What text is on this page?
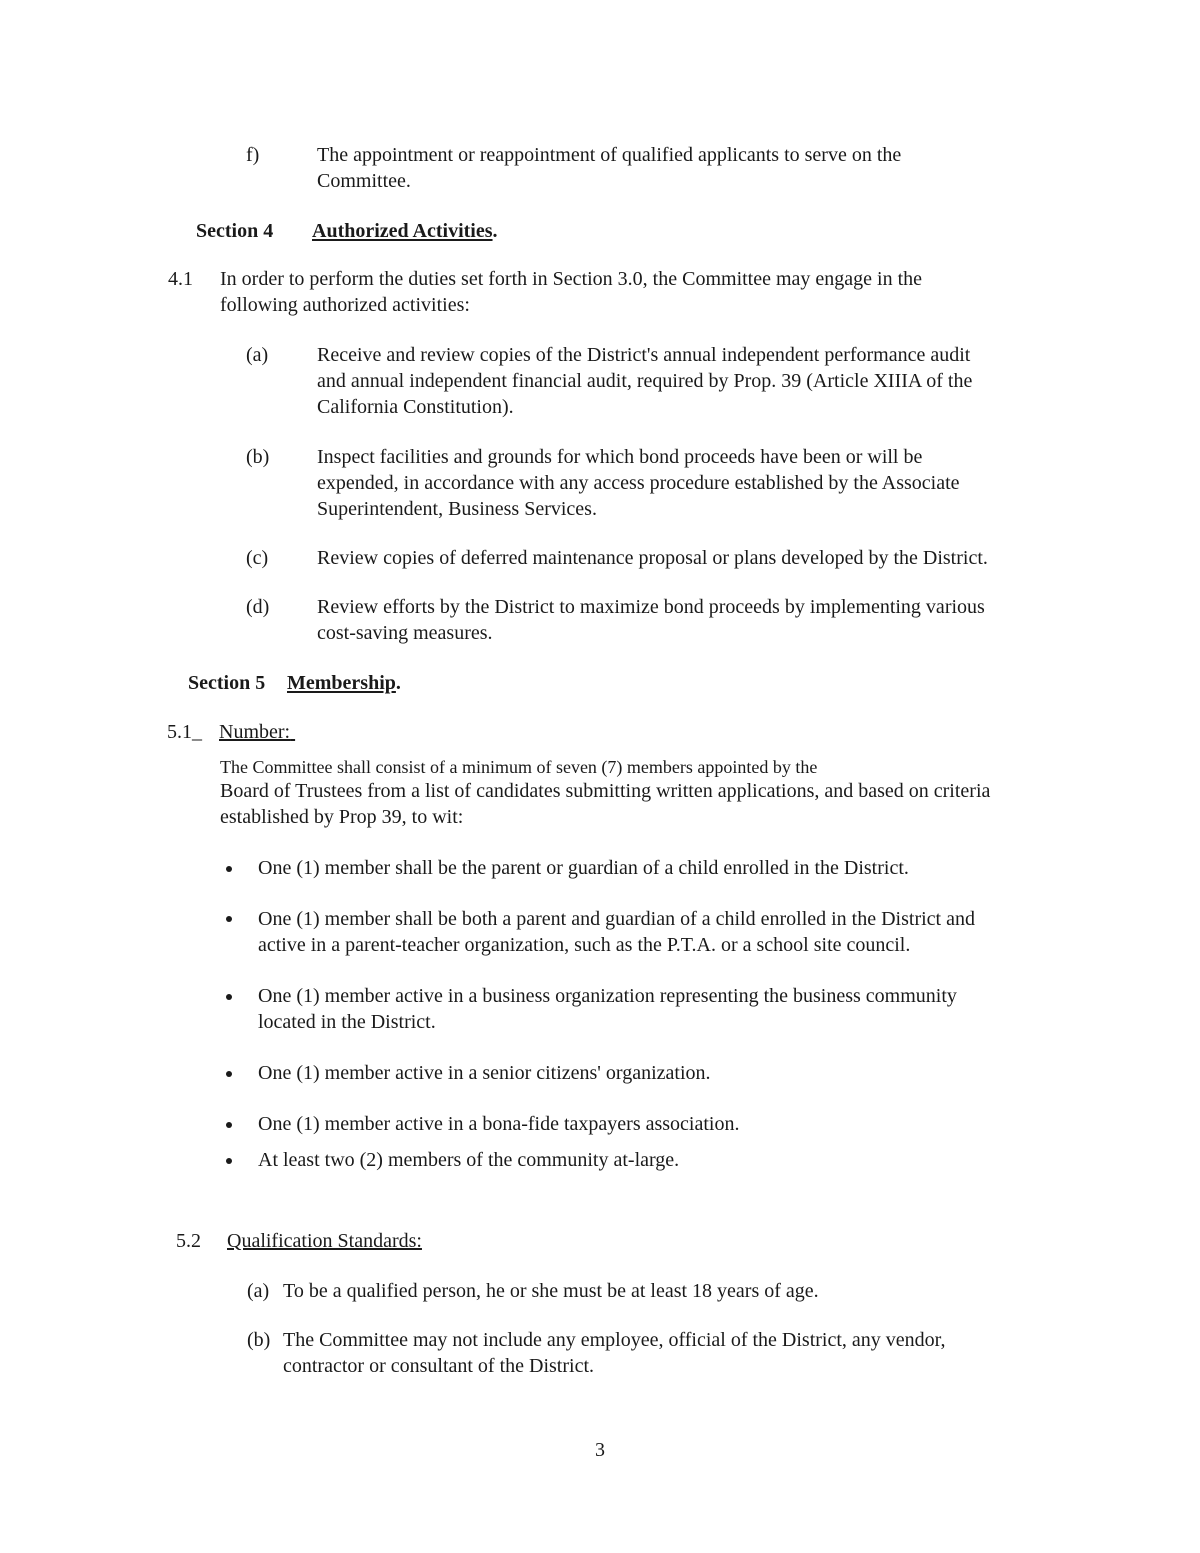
f)	The appointment or reappointment of qualified applicants to serve on the
Committee.
Section 4 Authorized Activities.
4.1 In order to perform the duties set forth in Section 3.0, the Committee may engage in the
following authorized activities:
(a) Receive and review copies of the District's annual independent performance audit
and annual independent financial audit, required by Prop. 39 (Article XIIIA of the
California Constitution).
(b) Inspect facilities and grounds for which bond proceeds have been or will be
expended, in accordance with any access procedure established by the Associate
Superintendent, Business Services.
(c) Review copies of deferred maintenance proposal or plans developed by the District.
(d) Review efforts by the District to maximize bond proceeds by implementing various
cost-saving measures.
Section 5 Membership.
5.1_ Number:
The Committee shall consist of a minimum of seven (7) members appointed by the
Board of Trustees from a list of candidates submitting written applications, and based on criteria
established by Prop 39, to wit:
One (1) member shall be the parent or guardian of a child enrolled in the District.
One (1) member shall be both a parent and guardian of a child enrolled in the District and
active in a parent-teacher organization, such as the P.T.A. or a school site council.
One (1) member active in a business organization representing the business community
located in the District.
One (1) member active in a senior citizens' organization.
One (1) member active in a bona-fide taxpayers association.
At least two (2) members of the community at-large.
5.2 Qualification Standards:
(a) To be a qualified person, he or she must be at least 18 years of age.
(b) The Committee may not include any employee, official of the District, any vendor,
contractor or consultant of the District.
3
